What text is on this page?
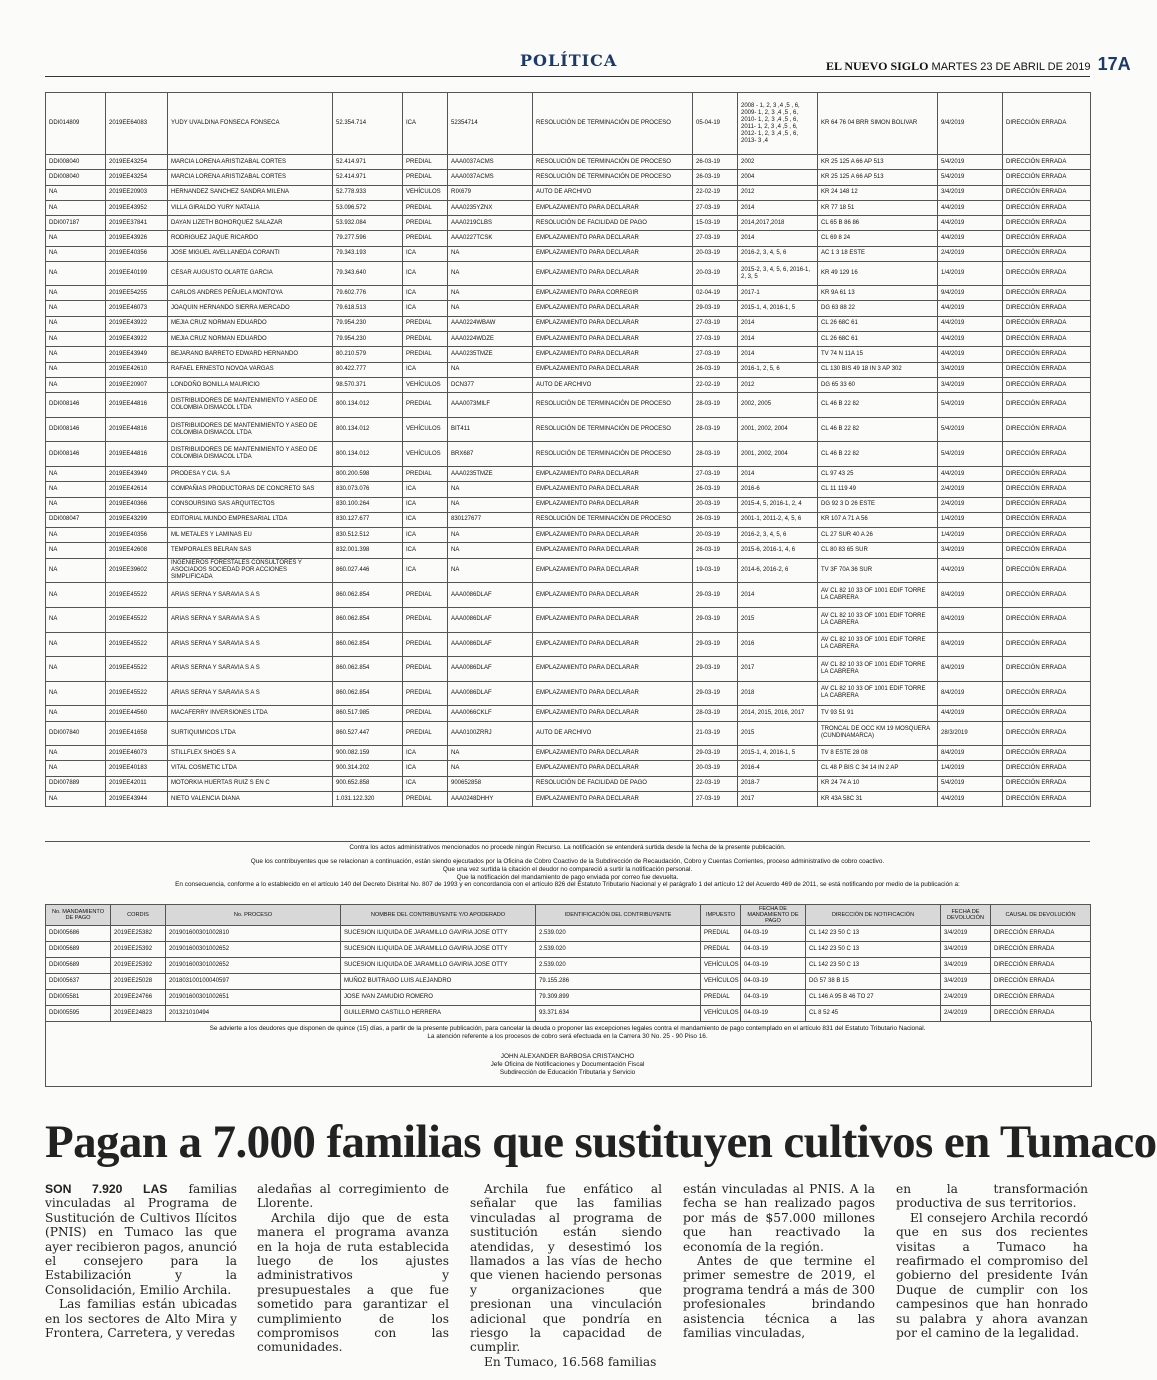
POLÍTICA	EL NUEVO SIGLO MARTES 23 DE ABRIL DE 2019 17A
DDI014809	2019EE64083	YUDY UVALDINA FONSECA FONSECA	52.354.714	ICA	52354714	RESOLUCIÓN DE TERMINACIÓN DE PROCESO	05-04-19	2008 - 1, 2, 3 ,4 ,5 , 6, 2009- 1, 2, 3 ,4 ,5 , 6, 2010- 1, 2, 3 ,4 ,5 , 6, 2011- 1, 2, 3 ,4 ,5 , 6, 2012- 1, 2, 3 ,4 ,5 , 6, 2013- 3 ,4	KR 64 76 04 BRR SIMON BOLIVAR	9/4/2019	DIRECCIÓN ERRADA
DDI008040	2019EE43254	MARCIA LORENA ARISTIZABAL CORTES	52.414.971	PREDIAL	AAA0037ACMS	RESOLUCIÓN DE TERMINACIÓN DE PROCESO	26-03-19	2002	KR 25 125 A 66 AP 513	5/4/2019	DIRECCIÓN ERRADA
DDI008040	2019EE43254	MARCIA LORENA ARISTIZABAL CORTES	52.414.971	PREDIAL	AAA0037ACMS	RESOLUCIÓN DE TERMINACIÓN DE PROCESO	26-03-19	2004	KR 25 125 A 66 AP 513	5/4/2019	DIRECCIÓN ERRADA
NA	2019EE20903	HERNANDEZ SANCHEZ SANDRA MILENA	52.778.933	VEHÍCULOS	RIX679	AUTO DE ARCHIVO	22-02-19	2012	KR 24 148 12	3/4/2019	DIRECCIÓN ERRADA
NA	2019EE43952	VILLA GIRALDO YURY NATALIA	53.096.572	PREDIAL	AAA0235YZNX	EMPLAZAMIENTO PARA DECLARAR	27-03-19	2014	KR 77 18 51	4/4/2019	DIRECCIÓN ERRADA
DDI007187	2019EE37841	DAYAN LIZETH BOHORQUEZ SALAZAR	53.932.084	PREDIAL	AAA0219CLBS	RESOLUCIÓN DE FACILIDAD DE PAGO	15-03-19	2014,2017,2018	CL 65 B 86 86	4/4/2019	DIRECCIÓN ERRADA
NA	2019EE43926	RODRIGUEZ JAQUE RICARDO	79.277.596	PREDIAL	AAA0227TCSK	EMPLAZAMIENTO PARA DECLARAR	27-03-19	2014	CL 69 8 24	4/4/2019	DIRECCIÓN ERRADA
NA	2019EE40356	JOSE MIGUEL AVELLANEDA CORANTI	79.343.193	ICA	NA	EMPLAZAMIENTO PARA DECLARAR	20-03-19	2016-2, 3, 4, 5, 6	AC 1 3 18 ESTE	2/4/2019	DIRECCIÓN ERRADA
NA	2019EE40199	CESAR AUGUSTO OLARTE GARCIA	79.343.640	ICA	NA	EMPLAZAMIENTO PARA DECLARAR	20-03-19	2015-2, 3, 4, 5, 6, 2016-1, 2, 3, 5	KR 49 129 16	1/4/2019	DIRECCIÓN ERRADA
NA	2019EE54255	CARLOS ANDRES PEÑUELA MONTOYA	79.602.776	ICA	NA	EMPLAZAMIENTO PARA CORREGIR	02-04-19	2017-1	KR 9A 61 13	9/4/2019	DIRECCIÓN ERRADA
NA	2019EE46073	JOAQUIN HERNANDO SIERRA MERCADO	79.618.513	ICA	NA	EMPLAZAMIENTO PARA DECLARAR	29-03-19	2015-1, 4, 2016-1, 5	DG 63 88 22	4/4/2019	DIRECCIÓN ERRADA
NA	2019EE43922	MEJIA CRUZ NORMAN EDUARDO	79.954.230	PREDIAL	AAA0224WBAW	EMPLAZAMIENTO PARA DECLARAR	27-03-19	2014	CL 26 68C 61	4/4/2019	DIRECCIÓN ERRADA
NA	2019EE43922	MEJIA CRUZ NORMAN EDUARDO	79.954.230	PREDIAL	AAA0224WDZE	EMPLAZAMIENTO PARA DECLARAR	27-03-19	2014	CL 26 68C 61	4/4/2019	DIRECCIÓN ERRADA
NA	2019EE43949	BEJARANO BARRETO EDWARD HERNANDO	80.210.579	PREDIAL	AAA0235TMZE	EMPLAZAMIENTO PARA DECLARAR	27-03-19	2014	TV 74 N 11A 15	4/4/2019	DIRECCIÓN ERRADA
NA	2019EE42610	RAFAEL ERNESTO NOVOA VARGAS	80.422.777	ICA	NA	EMPLAZAMIENTO PARA DECLARAR	26-03-19	2016-1, 2, 5, 6	CL 130 BIS 49 18 IN 3 AP 302	3/4/2019	DIRECCIÓN ERRADA
NA	2019EE20907	LONDOÑO BONILLA MAURICIO	98.570.371	VEHÍCULOS	DCN377	AUTO DE ARCHIVO	22-02-19	2012	DG 65 33 60	3/4/2019	DIRECCIÓN ERRADA
DDI008146	2019EE44816	DISTRIBUIDORES DE MANTENIMIENTO Y ASEO DE COLOMBIA DISMACOL LTDA	800.134.012	PREDIAL	AAA0073MILF	RESOLUCIÓN DE TERMINACIÓN DE PROCESO	28-03-19	2002, 2005	CL 46 B 22 82	5/4/2019	DIRECCIÓN ERRADA
DDI008146	2019EE44816	DISTRIBUIDORES DE MANTENIMIENTO Y ASEO DE COLOMBIA DISMACOL LTDA	800.134.012	VEHÍCULOS	BIT411	RESOLUCIÓN DE TERMINACIÓN DE PROCESO	28-03-19	2001, 2002, 2004	CL 46 B 22 82	5/4/2019	DIRECCIÓN ERRADA
DDI008146	2019EE44816	DISTRIBUIDORES DE MANTENIMIENTO Y ASEO DE COLOMBIA DISMACOL LTDA	800.134.012	VEHÍCULOS	BRX687	RESOLUCIÓN DE TERMINACIÓN DE PROCESO	28-03-19	2001, 2002, 2004	CL 46 B 22 82	5/4/2019	DIRECCIÓN ERRADA
NA	2019EE43949	PRODESA Y CIA. S.A	800.200.598	PREDIAL	AAA0235TMZE	EMPLAZAMIENTO PARA DECLARAR	27-03-19	2014	CL 97 43 25	4/4/2019	DIRECCIÓN ERRADA
NA	2019EE42614	COMPAÑIAS PRODUCTORAS DE CONCRETO SAS	830.073.076	ICA	NA	EMPLAZAMIENTO PARA DECLARAR	26-03-19	2016-6	CL 11 119 49	2/4/2019	DIRECCIÓN ERRADA
NA	2019EE40366	CONSOURSING SAS ARQUITECTOS	830.100.264	ICA	NA	EMPLAZAMIENTO PARA DECLARAR	20-03-19	2015-4, 5, 2016-1, 2, 4	DG 92 3 D 26 ESTE	2/4/2019	DIRECCIÓN ERRADA
DDI008047	2019EE43299	EDITORIAL MUNDO EMPRESARIAL LTDA	830.127.677	ICA	830127677	RESOLUCIÓN DE TERMINACIÓN DE PROCESO	26-03-19	2001-1, 2011-2, 4, 5, 6	KR 107 A 71 A 56	1/4/2019	DIRECCIÓN ERRADA
NA	2019EE40356	ML METALES Y LAMINAS EU	830.512.512	ICA	NA	EMPLAZAMIENTO PARA DECLARAR	20-03-19	2016-2, 3, 4, 5, 6	CL 27 SUR 40 A 26	1/4/2019	DIRECCIÓN ERRADA
NA	2019EE42608	TEMPORALES BELRAN SAS	832.001.398	ICA	NA	EMPLAZAMIENTO PARA DECLARAR	26-03-19	2015-6, 2016-1, 4, 6	CL 80 83 65 SUR	3/4/2019	DIRECCIÓN ERRADA
NA	2019EE39602	INGENIEROS FORESTALES CONSULTORES Y ASOCIADOS SOCIEDAD POR ACCIONES SIMPLIFICADA	860.027.446	ICA	NA	EMPLAZAMIENTO PARA DECLARAR	19-03-19	2014-6, 2016-2, 6	TV 3F 70A 36 SUR	4/4/2019	DIRECCIÓN ERRADA
NA	2019EE45522	ARIAS SERNA Y SARAVIA S A S	860.062.854	PREDIAL	AAA0086DLAF	EMPLAZAMIENTO PARA DECLARAR	29-03-19	2014	AV CL 82 10 33 OF 1001 EDIF TORRE LA CABRERA	8/4/2019	DIRECCIÓN ERRADA
NA	2019EE45522	ARIAS SERNA Y SARAVIA S A S	860.062.854	PREDIAL	AAA0086DLAF	EMPLAZAMIENTO PARA DECLARAR	29-03-19	2015	AV CL 82 10 33 OF 1001 EDIF TORRE LA CABRERA	8/4/2019	DIRECCIÓN ERRADA
NA	2019EE45522	ARIAS SERNA Y SARAVIA S A S	860.062.854	PREDIAL	AAA0086DLAF	EMPLAZAMIENTO PARA DECLARAR	29-03-19	2016	AV CL 82 10 33 OF 1001 EDIF TORRE LA CABRERA	8/4/2019	DIRECCIÓN ERRADA
NA	2019EE45522	ARIAS SERNA Y SARAVIA S A S	860.062.854	PREDIAL	AAA0086DLAF	EMPLAZAMIENTO PARA DECLARAR	29-03-19	2017	AV CL 82 10 33 OF 1001 EDIF TORRE LA CABRERA	8/4/2019	DIRECCIÓN ERRADA
NA	2019EE45522	ARIAS SERNA Y SARAVIA S A S	860.062.854	PREDIAL	AAA0086DLAF	EMPLAZAMIENTO PARA DECLARAR	29-03-19	2018	AV CL 82 10 33 OF 1001 EDIF TORRE LA CABRERA	8/4/2019	DIRECCIÓN ERRADA
NA	2019EE44560	MACAFERRY INVERSIONES LTDA	860.517.985	PREDIAL	AAA0066CKLF	EMPLAZAMIENTO PARA DECLARAR	28-03-19	2014, 2015, 2016, 2017	TV 93 51 91	4/4/2019	DIRECCIÓN ERRADA
DDI007840	2019EE41658	SURTIQUIMICOS LTDA	860.527.447	PREDIAL	AAA0100ZRRJ	AUTO DE ARCHIVO	21-03-19	2015	TRONCAL DE OCC KM 19 MOSQUERA (CUNDINAMARCA)	28/3/2019	DIRECCIÓN ERRADA
NA	2019EE46073	STILLFLEX SHOES S A	900.082.159	ICA	NA	EMPLAZAMIENTO PARA DECLARAR	29-03-19	2015-1, 4, 2016-1, 5	TV 8 ESTE 28 08	8/4/2019	DIRECCIÓN ERRADA
NA	2019EE40183	VITAL COSMETIC LTDA	900.314.202	ICA	NA	EMPLAZAMIENTO PARA DECLARAR	20-03-19	2016-4	CL 48 P BIS C 34 14 IN 2 AP	1/4/2019	DIRECCIÓN ERRADA
DDI007889	2019EE42011	MOTORKIA HUERTAS RUIZ S EN C	900.652.858	ICA	900652858	RESOLUCIÓN DE FACILIDAD DE PAGO	22-03-19	2018-7	KR 24 74 A 10	5/4/2019	DIRECCIÓN ERRADA
NA	2019EE43944	NIETO VALENCIA DIANA	1.031.122.320	PREDIAL	AAA0248DHHY	EMPLAZAMIENTO PARA DECLARAR	27-03-19	2017	KR 43A 58C 31	4/4/2019	DIRECCIÓN ERRADA
Contra los actos administrativos mencionados no procede ningún Recurso. La notificación se entenderá surtida desde la fecha de la presente publicación.
Que los contribuyentes que se relacionan a continuación, están siendo ejecutados por la Oficina de Cobro Coactivo de la Subdirección de Recaudación, Cobro y Cuentas Corrientes, proceso administrativo de cobro coactivo.
Que una vez surtida la citación el deudor no compareció a surtir la notificación personal.
Que la notificación del mandamiento de pago enviada por correo fue devuelta.
En consecuencia, conforme a lo establecido en el artículo 140 del Decreto Distrital No. 807 de 1993 y en concordancia con el artículo 826 del Estatuto Tributario Nacional y el parágrafo 1 del artículo 12 del Acuerdo 469 de 2011, se está notificando por medio de la publicación a:
No. MANDAMIENTO DE PAGO	CORDIS	No. PROCESO	NOMBRE DEL CONTRIBUYENTE Y/O APODERADO	IDENTIFICACIÓN DEL CONTRIBUYENTE	IMPUESTO	FECHA DE MANDAMIENTO DE PAGO	DIRECCIÓN DE NOTIFICACIÓN	FECHA DE DEVOLUCIÓN	CAUSAL DE DEVOLUCIÓN
DDI005686	2019EE25382	201901600301002810	SUCESION ILIQUIDA DE JARAMILLO GAVIRIA JOSE OTTY	2.539.020	PREDIAL	04-03-19	CL 142 23 50 C 13	3/4/2019	DIRECCIÓN ERRADA
DDI005689	2019EE25392	201901600301002652	SUCESION ILIQUIDA DE JARAMILLO GAVIRIA JOSE OTTY	2.539.020	PREDIAL	04-03-19	CL 142 23 50 C 13	3/4/2019	DIRECCIÓN ERRADA
DDI005689	2019EE25392	201901600301002652	SUCESION ILIQUIDA DE JARAMILLO GAVIRIA JOSE OTTY	2.539.020	VEHÍCULOS	04-03-19	CL 142 23 50 C 13	3/4/2019	DIRECCIÓN ERRADA
DDI005637	2019EE25028	201803100100040597	MUÑOZ BUITRAGO LUIS ALEJANDRO	79.155.286	VEHÍCULOS	04-03-19	DG 57 38 B 15	3/4/2019	DIRECCIÓN ERRADA
DDI005581	2019EE24766	201901600301002651	JOSE IVAN ZAMUDIO ROMERO	79.309.899	PREDIAL	04-03-19	CL 146 A 95 B 46 TO 27	2/4/2019	DIRECCIÓN ERRADA
DDI005595	2019EE24823	201321010494	GUILLERMO CASTILLO HERRERA	93.371.634	VEHÍCULOS	04-03-19	CL 8 52 45	2/4/2019	DIRECCIÓN ERRADA
Se advierte a los deudores que disponen de quince (15) días, a partir de la presente publicación, para cancelar la deuda o proponer las excepciones legales contra el mandamiento de pago contemplado en el artículo 831 del Estatuto Tributario Nacional.
La atención referente a los procesos de cobro será efectuada en la Carrera 30 No. 25 - 90 Piso 16.
JOHN ALEXANDER BARBOSA CRISTANCHO
Jefe Oficina de Notificaciones y Documentación Fiscal
Subdirección de Educación Tributaria y Servicio
Pagan a 7.000 familias que sustituyen cultivos en Tumaco

SON 7.920 LAS familias vinculadas al Programa de Sustitución de Cultivos Ilícitos (PNIS) en Tumaco las que ayer recibieron pagos, anunció el consejero para la Estabilización y la Consolidación, Emilio Archila.

Las familias están ubicadas en los sectores de Alto Mira y Frontera, Carretera, y veredas

aledañas al corregimiento de Llorente.

Archila dijo que de esta manera el programa avanza en la hoja de ruta establecida luego de los ajustes administrativos y presupuestales a que fue sometido para garantizar el cumplimiento de los compromisos con las comunidades.

Archila fue enfático al señalar que las familias vinculadas al programa de sustitución están siendo atendidas, y desestimó los llamados a las vías de hecho que vienen haciendo personas y organizaciones que presionan una vinculación adicional que pondría en riesgo la capacidad de cumplir.

En Tumaco, 16.568 familias

están vinculadas al PNIS. A la fecha se han realizado pagos por más de $57.000 millones que han reactivado la economía de la región.

Antes de que termine el primer semestre de 2019, el programa tendrá a más de 300 profesionales brindando asistencia técnica a las familias vinculadas,

en la transformación productiva de sus territorios.

El consejero Archila recordó que en sus dos recientes visitas a Tumaco ha reafirmado el compromiso del gobierno del presidente Iván Duque de cumplir con los campesinos que han honrado su palabra y ahora avanzan por el camino de la legalidad.
